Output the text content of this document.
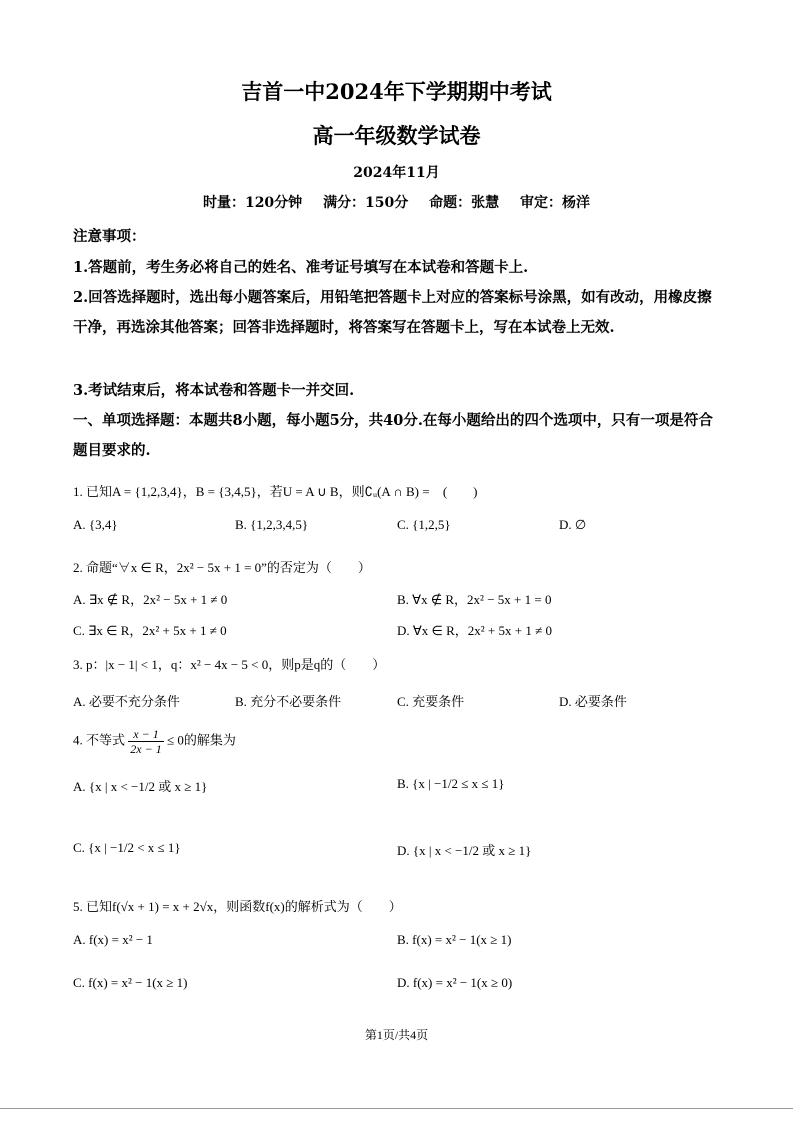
吉首一中2024年下学期期中考试
高一年级数学试卷
2024年11月
时量：120分钟 满分：150分 命题：张慧 审定：杨洋
注意事项：
1.答题前，考生务必将自己的姓名、准考证号填写在本试卷和答题卡上.
2.回答选择题时，选出每小题答案后，用铅笔把答题卡上对应的答案标号涂黑，如有改动，用橡皮擦干净，再选涂其他答案；回答非选择题时，将答案写在答题卡上，写在本试卷上无效.
3.考试结束后，将本试卷和答题卡一并交回.
一、单项选择题：本题共8小题，每小题5分，共40分.在每小题给出的四个选项中，只有一项是符合题目要求的.
1. 已知A = {1,2,3,4}，B = {3,4,5}，若U = A ∪ B，则∁ᵤ(A ∩ B) = (　　)
A. {3,4}	B. {1,2,3,4,5}	C. {1,2,5}	D. ∅
2. 命题“∀x ∈ R，2x² − 5x + 1 = 0”的否定为（　　）
A. ∃x ∉ R，2x² − 5x + 1 ≠ 0	B. ∀x ∉ R，2x² − 5x + 1 = 0
C. ∃x ∈ R，2x² + 5x + 1 ≠ 0	D. ∀x ∈ R，2x² + 5x + 1 ≠ 0
3. p：|x − 1| < 1，q：x² − 4x − 5 < 0，则p是q的（　　）
A. 必要不充分条件	B. 充分不必要条件	C. 充要条件	D. 必要条件
4. 不等式 $\frac{x - 1}{2x - 1} \le 0$的解集为
A. {x | x < −1/2 或 x ≥ 1}	B. {x | −1/2 ≤ x ≤ 1}
C. {x | −1/2 < x ≤ 1}	D. {x | x < −1/2 或 x ≥ 1}
5. 已知f(√x + 1) = x + 2√x，则函数f(x)的解析式为（　　）
A. f(x) = x² − 1	B. f(x) = x² − 1(x ≥ 1)
C. f(x) = x² − 1(x ≥ 1)	D. f(x) = x² − 1(x ≥ 0)
第1页/共4页
